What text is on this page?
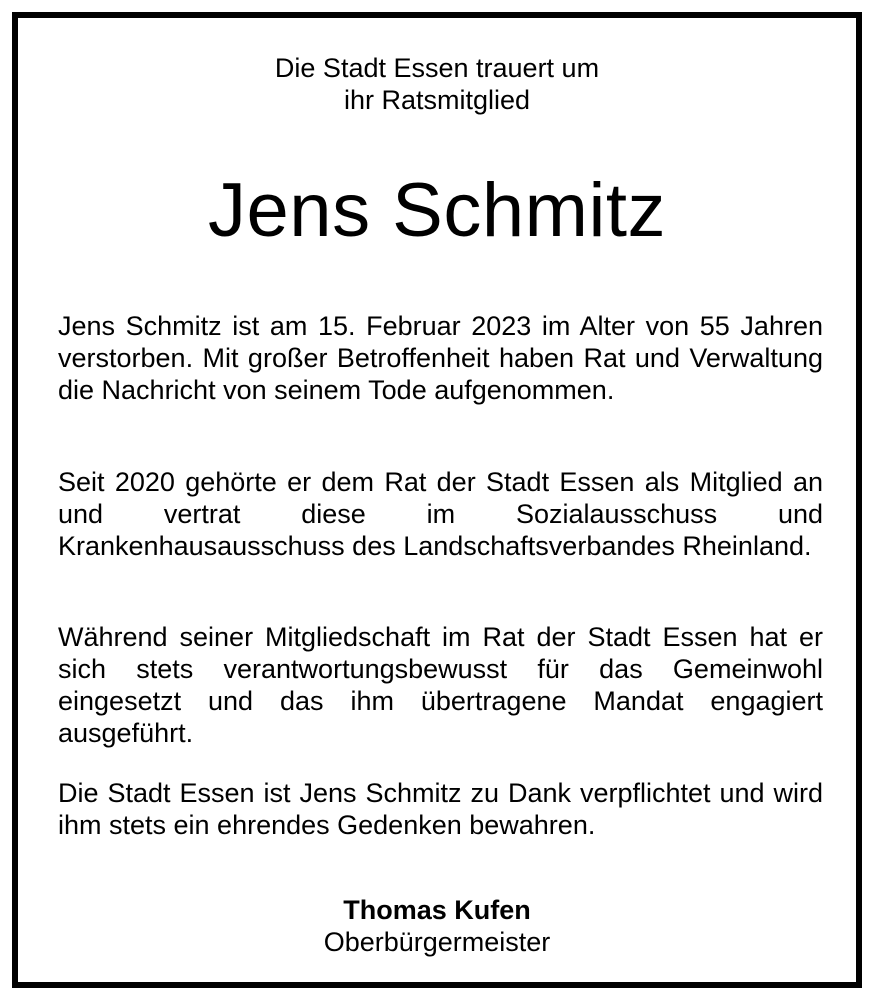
Die Stadt Essen trauert um
ihr Ratsmitglied
Jens Schmitz
Jens Schmitz ist am 15. Februar 2023 im Alter von 55 Jahren verstorben. Mit großer Betroffenheit haben Rat und Verwaltung die Nachricht von seinem Tode aufgenommen.
Seit 2020 gehörte er dem Rat der Stadt Essen als Mitglied an und vertrat diese im Sozialausschuss und Krankenhausausschuss des Landschaftsverbandes Rheinland.
Während seiner Mitgliedschaft im Rat der Stadt Essen hat er sich stets verantwortungsbewusst für das Gemeinwohl eingesetzt und das ihm übertragene Mandat engagiert ausgeführt.
Die Stadt Essen ist Jens Schmitz zu Dank verpflichtet und wird ihm stets ein ehrendes Gedenken bewahren.
Thomas Kufen
Oberbürgermeister
